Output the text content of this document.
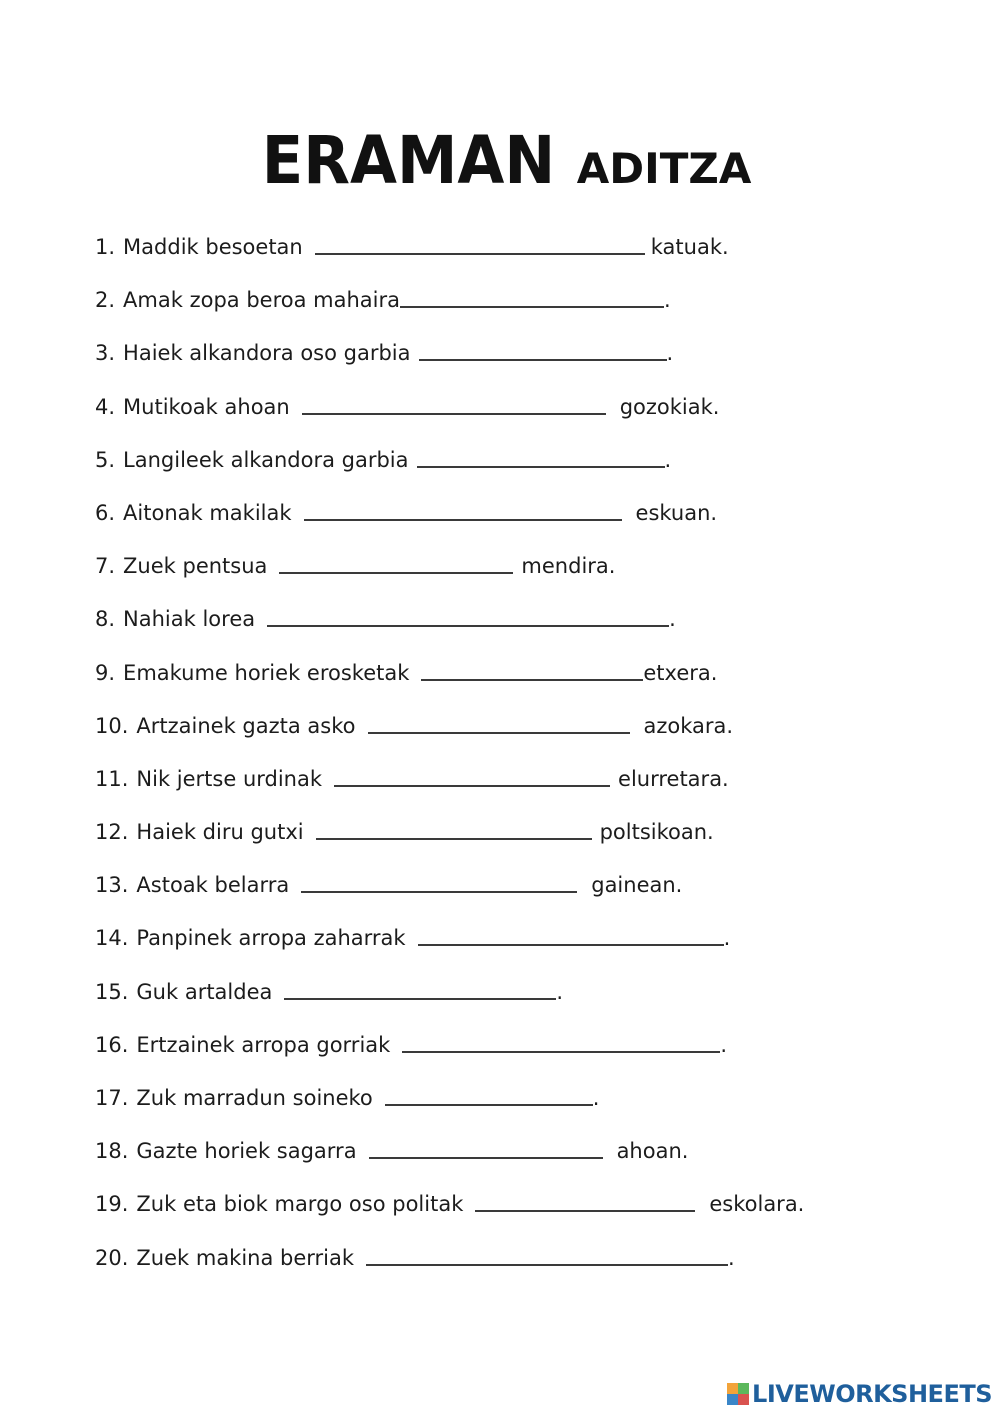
ERAMAN ADITZA
1. Maddik besoetan	katuak.
2. Amak zopa beroa mahaira	.
3. Haiek alkandora oso garbia	.
4. Mutikoak ahoan	gozokiak.
5. Langileek alkandora garbia	.
6. Aitonak makilak	eskuan.
7. Zuek pentsua	mendira.
8. Nahiak lorea	.
9. Emakume horiek erosketak	etxera.
10. Artzainek gazta asko	azokara.
11. Nik jertse urdinak	elurretara.
12. Haiek diru gutxi	poltsikoan.
13. Astoak belarra	gainean.
14. Panpinek arropa zaharrak	.
15. Guk artaldea	.
16. Ertzainek arropa gorriak	.
17. Zuk marradun soineko	.
18. Gazte horiek sagarra	ahoan.
19. Zuk eta biok margo oso politak	eskolara.
20. Zuek makina berriak	.
LIVEWORKSHEETS
